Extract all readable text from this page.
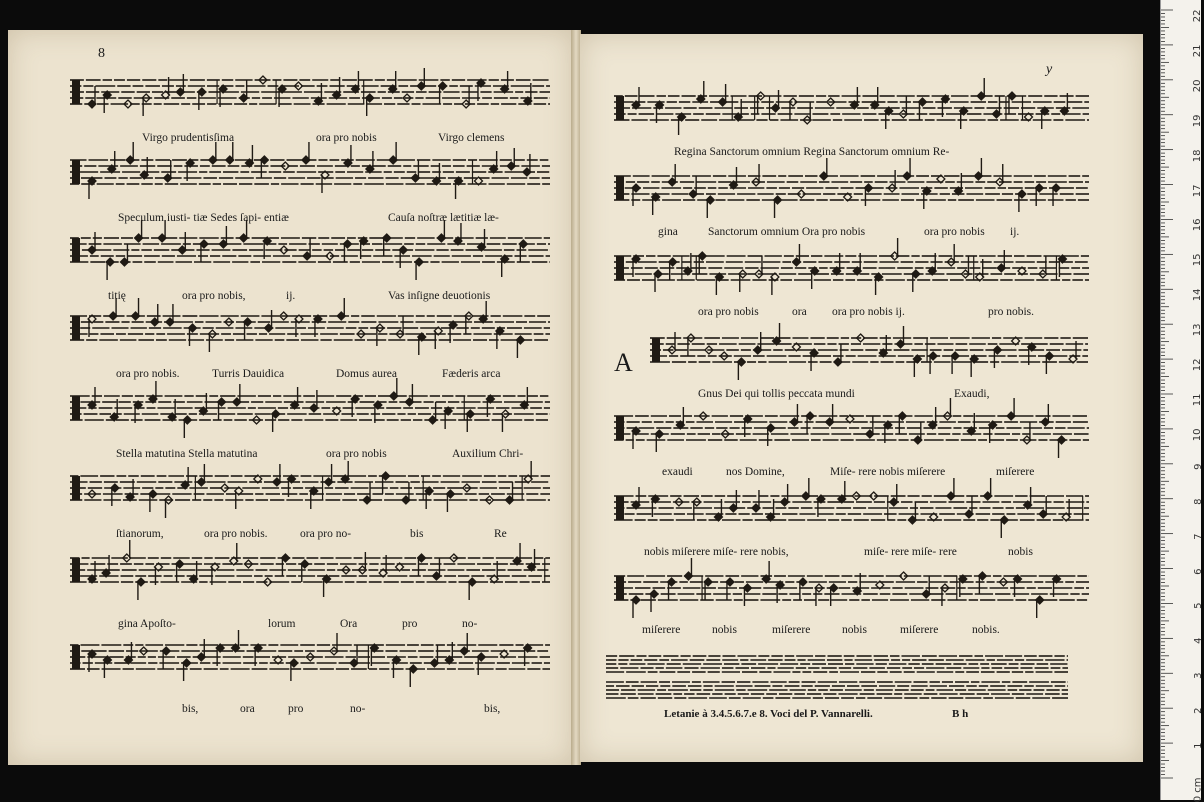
8
Virgo prudentisſima	ora pro nobis	Virgo clemens
Speculum iusti- tiæ Sedes ſapi- entiæ	Cauſa noſtræ lætitiæ læ-
titię	ora pro nobis,	ij.	Vas inſigne deuotionis
ora pro nobis.	Turris Dauidica	Domus aurea	Fæderis arca
Stella matutina Stella matutina	ora pro nobis	Auxilium Chri-
ſtianorum,	ora pro nobis.	ora pro no-	bis	Re
gina Apoſto-	lorum	Ora	pro	no-
bis,	ora	pro	no-	bis,
y
Regina Sanctorum omnium Regina Sanctorum omnium Re-
gina	Sanctorum omnium Ora pro nobis	ora pro nobis ij.
ora pro nobis	ora ora pro nobis ij.	pro nobis.
A
Gnus Dei qui tollis peccata mundi	Exaudi,
exaudi	nos Domine,	Miſe- rere nobis miſerere	miſerere
nobis miſerere miſe- rere nobis,	miſe- rere miſe- rere	nobis
miſerere	nobis	miſerere	nobis	miſerere	nobis.
Letanie à 3.4.5.6.7.e 8. Voci del P. Vannarelli.	B h
22
21
20
19
18
17
16
15
14
13
12
11
10
9
8
7
6
5
4
3
2
1
0 cm
